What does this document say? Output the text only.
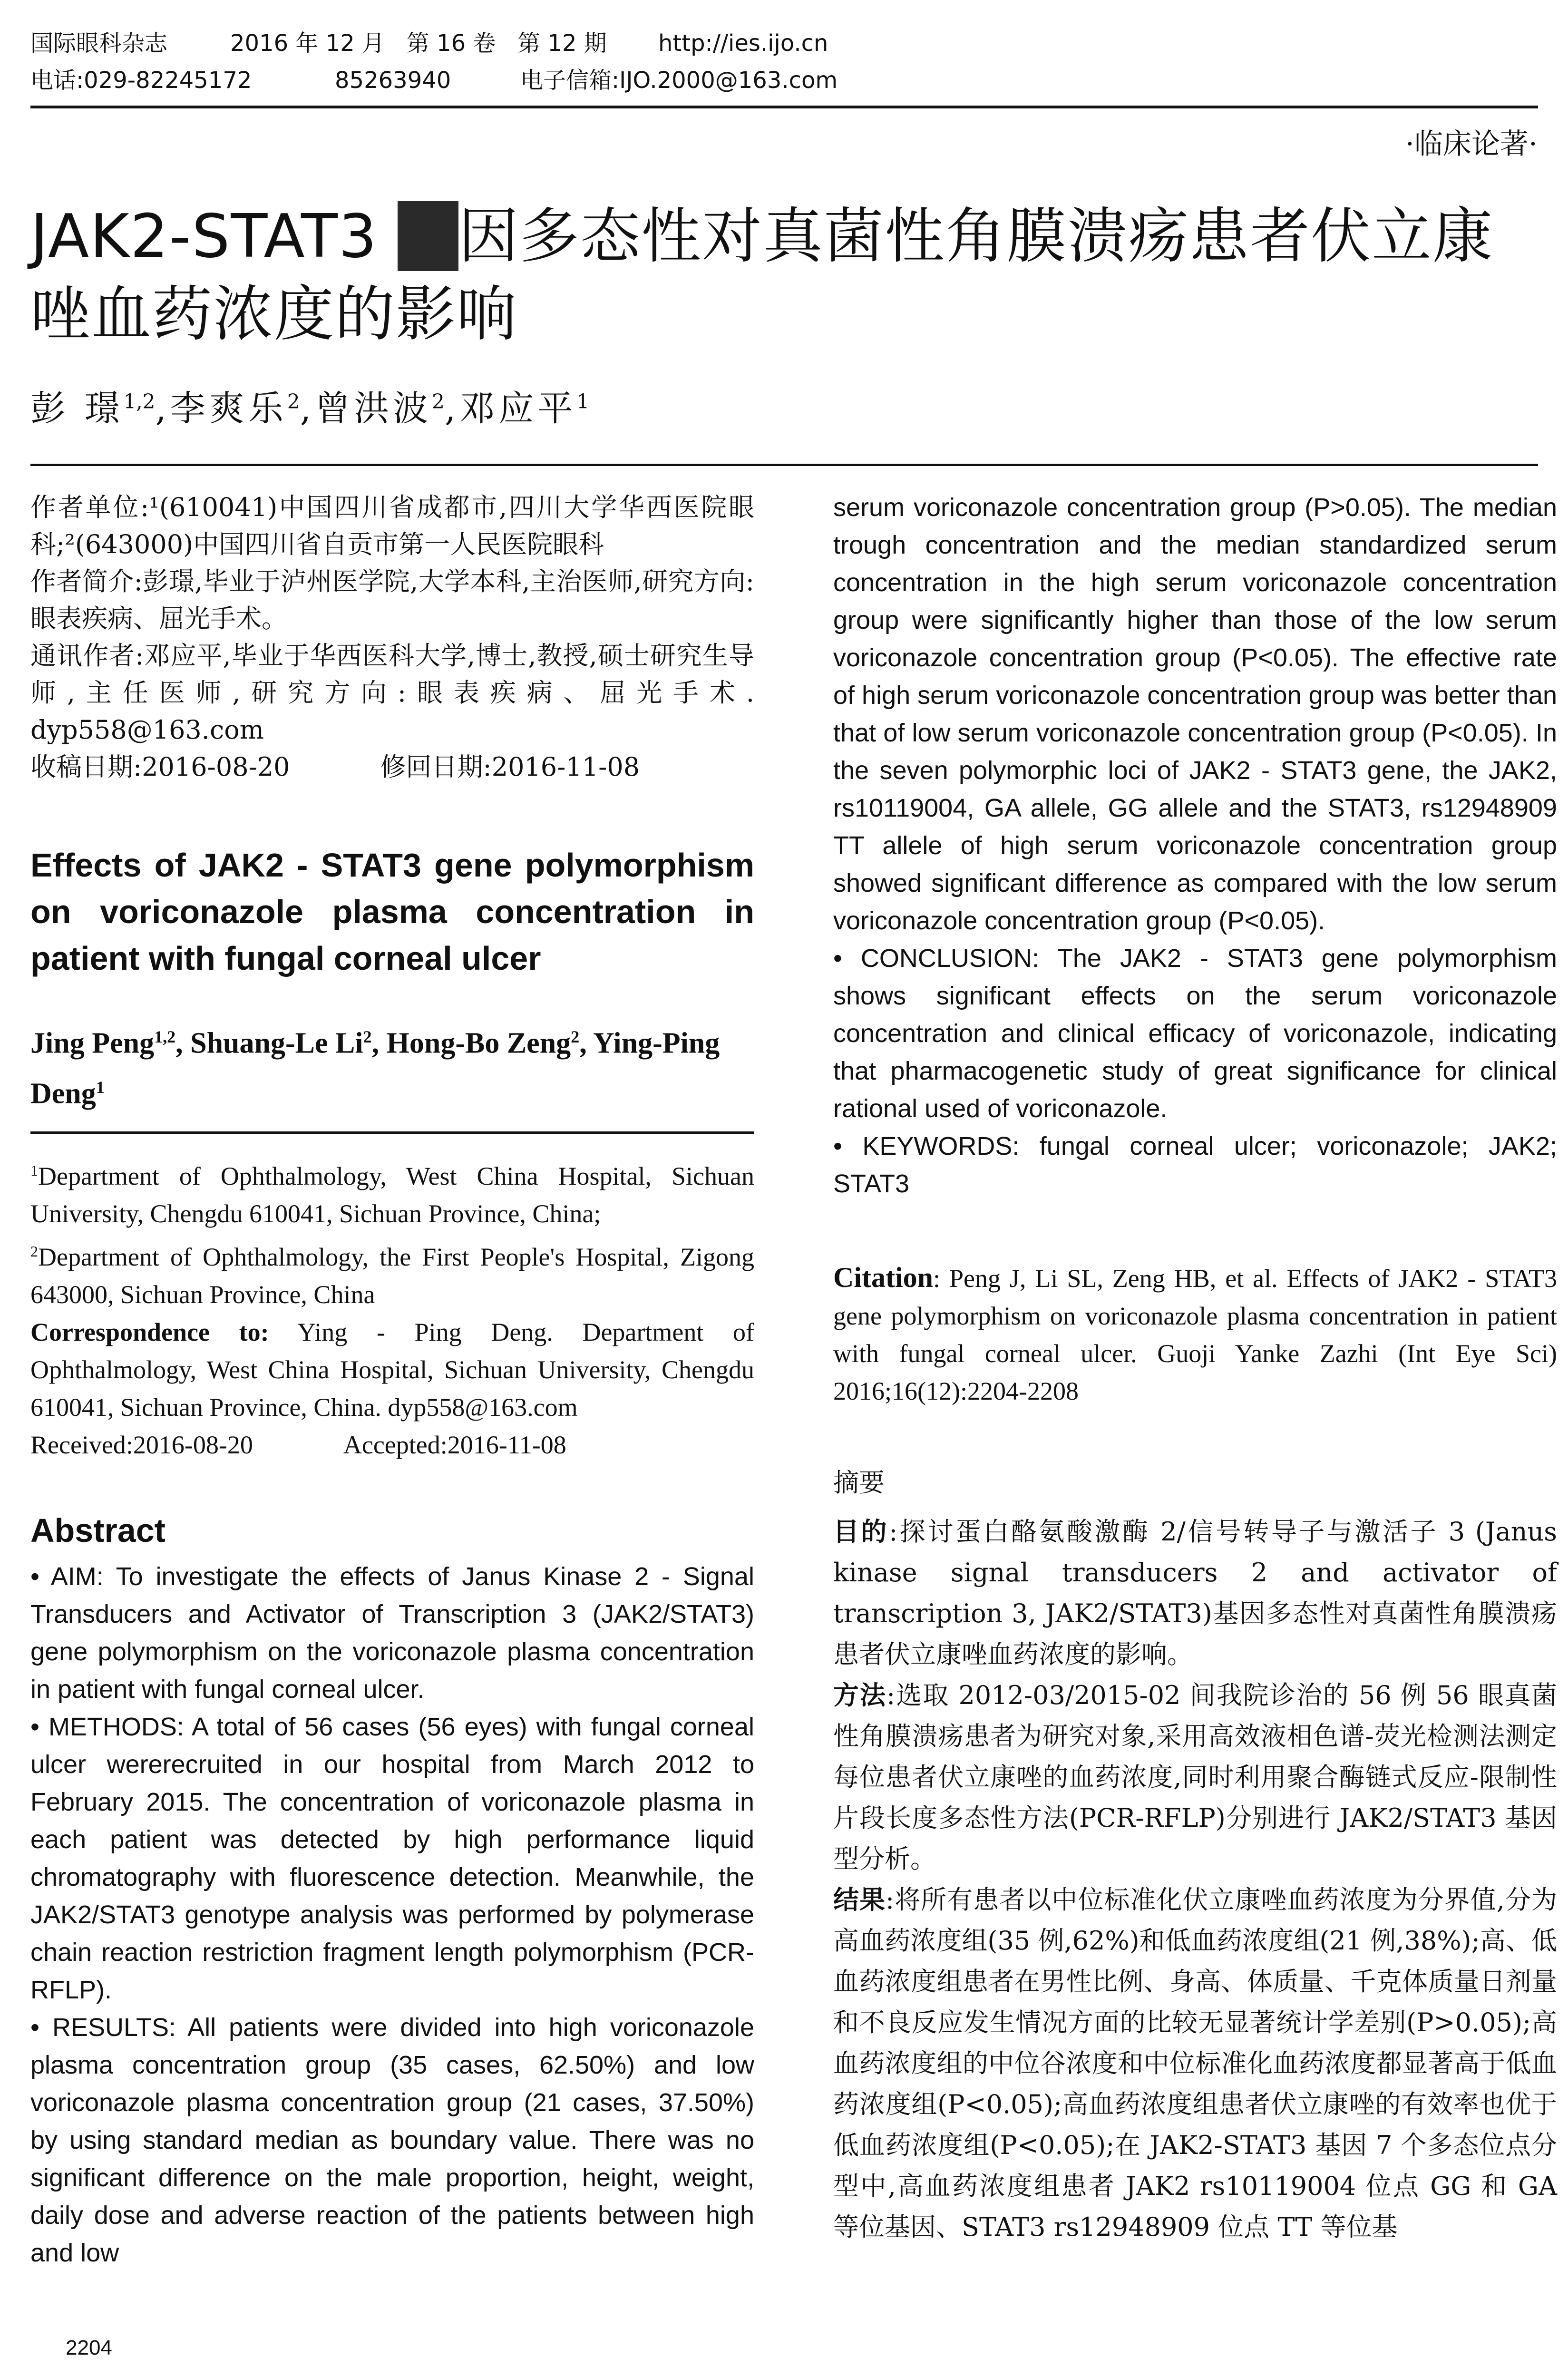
国际眼科杂志	2016 年 12 月   第 16 卷   第 12 期	http://ies.ijo.cn
电话:029-82245172	85263940	电子信箱:IJO.2000@163.com
·临床论著·
JAK2-STAT3 基因多态性对真菌性角膜溃疡患者伏立康唑血药浓度的影响
彭 璟$^{1,2}$,李爽乐$^2$,曾洪波$^2$,邓应平$^1$

作者单位:¹(610041)中国四川省成都市,四川大学华西医院眼科;²(643000)中国四川省自贡市第一人民医院眼科

作者简介:彭璟,毕业于泸州医学院,大学本科,主治医师,研究方向:眼表疾病、屈光手术。

通讯作者:邓应平,毕业于华西医科大学,博士,教授,硕士研究生导师,主任医师,研究方向:眼表疾病、屈光手术. dyp558@163.com

收稿日期:2016-08-20	修回日期:2016-11-08
Effects of JAK2 - STAT3 gene polymorphism on voriconazole plasma concentration in patient with fungal corneal ulcer
Jing Peng$^{1,2}$, Shuang-Le Li$^2$, Hong-Bo Zeng$^2$, Ying-Ping Deng$^1$

$^1$Department of Ophthalmology, West China Hospital, Sichuan University, Chengdu 610041, Sichuan Province, China;

$^2$Department of Ophthalmology, the First People's Hospital, Zigong 643000, Sichuan Province, China

Correspondence to: Ying - Ping Deng. Department of Ophthalmology, West China Hospital, Sichuan University, Chengdu 610041, Sichuan Province, China. dyp558@163.com

Received:2016-08-20	Accepted:2016-11-08
Abstract

• AIM: To investigate the effects of Janus Kinase 2 - Signal Transducers and Activator of Transcription 3 (JAK2/STAT3) gene polymorphism on the voriconazole plasma concentration in patient with fungal corneal ulcer.

• METHODS: A total of 56 cases (56 eyes) with fungal corneal ulcer wererecruited in our hospital from March 2012 to February 2015. The concentration of voriconazole plasma in each patient was detected by high performance liquid chromatography with fluorescence detection. Meanwhile, the JAK2/STAT3 genotype analysis was performed by polymerase chain reaction restriction fragment length polymorphism (PCR-RFLP).

• RESULTS: All patients were divided into high voriconazole plasma concentration group (35 cases, 62.50%) and low voriconazole plasma concentration group (21 cases, 37.50%) by using standard median as boundary value. There was no significant difference on the male proportion, height, weight, daily dose and adverse reaction of the patients between high and low

serum voriconazole concentration group (P>0.05). The median trough concentration and the median standardized serum concentration in the high serum voriconazole concentration group were significantly higher than those of the low serum voriconazole concentration group (P<0.05). The effective rate of high serum voriconazole concentration group was better than that of low serum voriconazole concentration group (P<0.05). In the seven polymorphic loci of JAK2 - STAT3 gene, the JAK2, rs10119004, GA allele, GG allele and the STAT3, rs12948909 TT allele of high serum voriconazole concentration group showed significant difference as compared with the low serum voriconazole concentration group (P<0.05).

• CONCLUSION: The JAK2 - STAT3 gene polymorphism shows significant effects on the serum voriconazole concentration and clinical efficacy of voriconazole, indicating that pharmacogenetic study of great significance for clinical rational used of voriconazole.

• KEYWORDS: fungal corneal ulcer; voriconazole; JAK2; STAT3

Citation: Peng J, Li SL, Zeng HB, et al. Effects of JAK2 - STAT3 gene polymorphism on voriconazole plasma concentration in patient with fungal corneal ulcer. Guoji Yanke Zazhi (Int Eye Sci) 2016;16(12):2204-2208

摘要

目的:探讨蛋白酪氨酸激酶 2/信号转导子与激活子 3 (Janus kinase signal transducers 2 and activator of transcription 3, JAK2/STAT3)基因多态性对真菌性角膜溃疡患者伏立康唑血药浓度的影响。

方法:选取 2012-03/2015-02 间我院诊治的 56 例 56 眼真菌性角膜溃疡患者为研究对象,采用高效液相色谱-荧光检测法测定每位患者伏立康唑的血药浓度,同时利用聚合酶链式反应-限制性片段长度多态性方法(PCR-RFLP)分别进行 JAK2/STAT3 基因型分析。

结果:将所有患者以中位标准化伏立康唑血药浓度为分界值,分为高血药浓度组(35 例,62%)和低血药浓度组(21 例,38%);高、低血药浓度组患者在男性比例、身高、体质量、千克体质量日剂量和不良反应发生情况方面的比较无显著统计学差别(P>0.05);高血药浓度组的中位谷浓度和中位标准化血药浓度都显著高于低血药浓度组(P<0.05);高血药浓度组患者伏立康唑的有效率也优于低血药浓度组(P<0.05);在 JAK2-STAT3 基因 7 个多态位点分型中,高血药浓度组患者 JAK2 rs10119004 位点 GG 和 GA 等位基因、STAT3 rs12948909 位点 TT 等位基

2204
